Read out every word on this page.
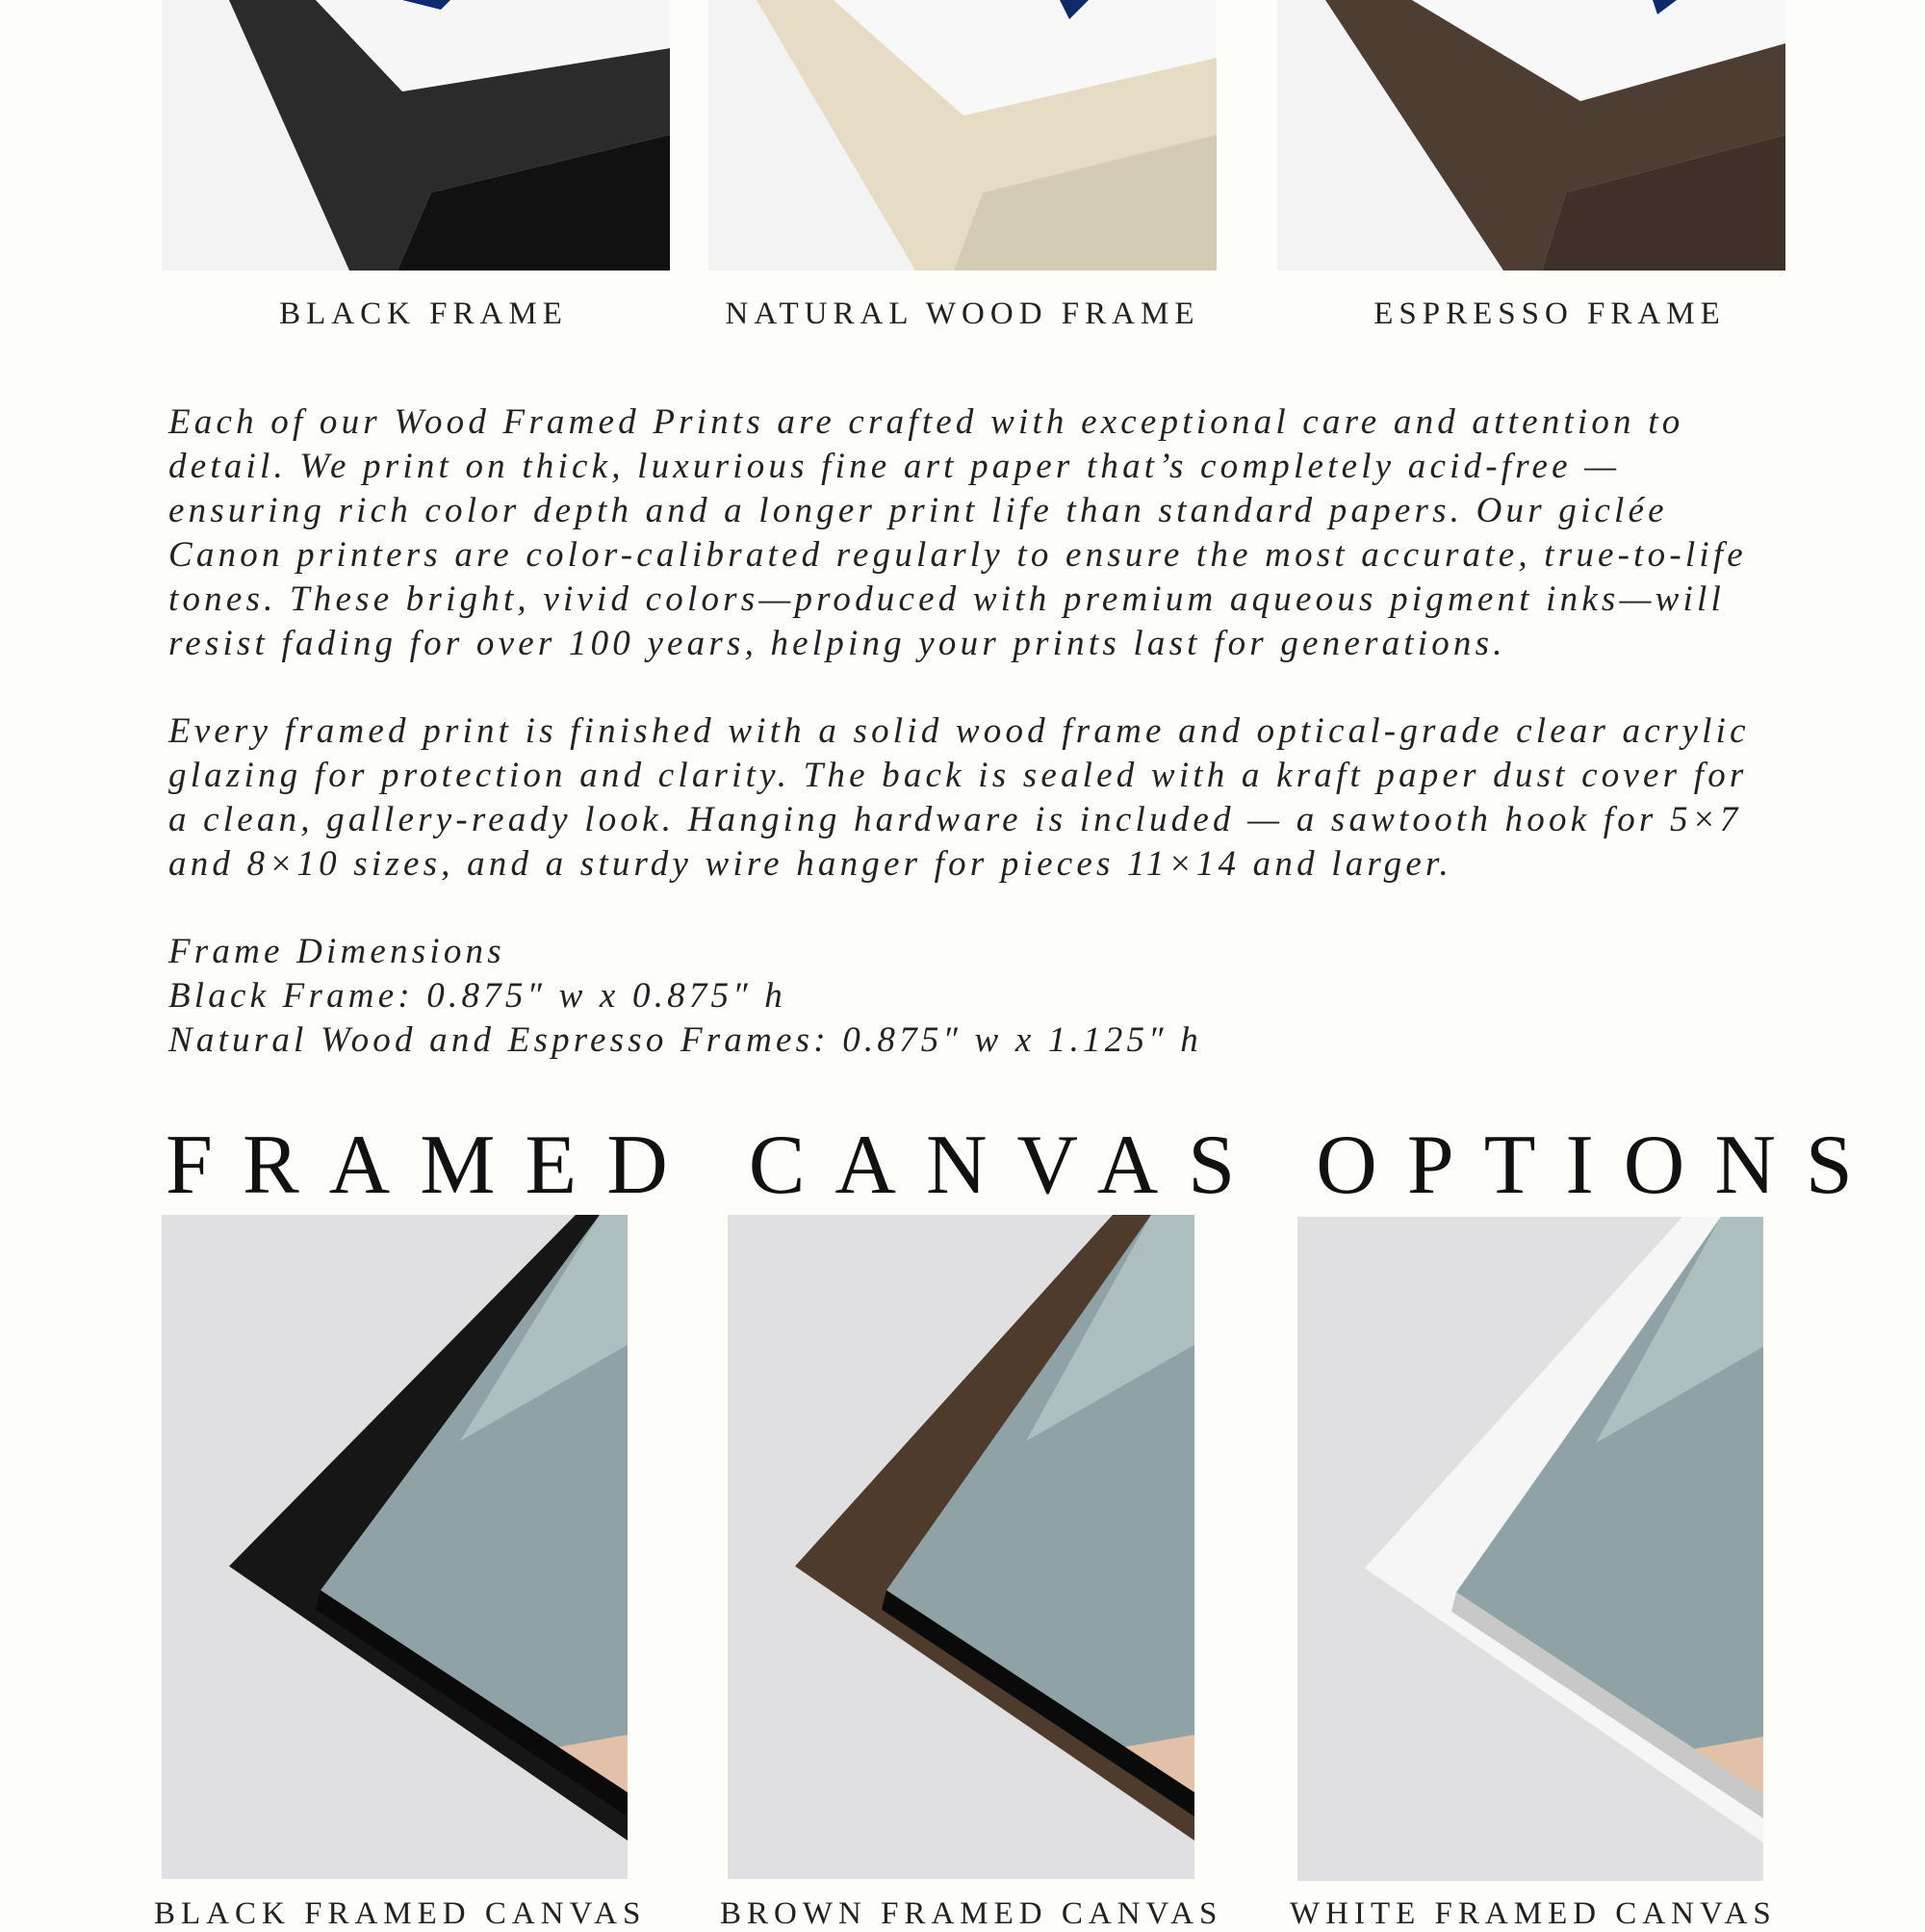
BLACK FRAME	NATURAL WOOD FRAME	ESPRESSO FRAME
Each of our Wood Framed Prints are crafted with exceptional care and attention to
detail. We print on thick, luxurious fine art paper that’s completely acid-free —
ensuring rich color depth and a longer print life than standard papers. Our giclée
Canon printers are color-calibrated regularly to ensure the most accurate, true-to-life
tones. These bright, vivid colors—produced with premium aqueous pigment inks—will
resist fading for over 100 years, helping your prints last for generations.
Every framed print is finished with a solid wood frame and optical-grade clear acrylic
glazing for protection and clarity. The back is sealed with a kraft paper dust cover for
a clean, gallery-ready look. Hanging hardware is included — a sawtooth hook for 5×7
and 8×10 sizes, and a sturdy wire hanger for pieces 11×14 and larger.
Frame Dimensions
Black Frame: 0.875″ w x 0.875″ h
Natural Wood and Espresso Frames: 0.875″ w x 1.125″ h
FRAMED CANVAS OPTIONS
BLACK FRAMED CANVAS BROWN FRAMED CANVAS WHITE FRAMED CANVAS
